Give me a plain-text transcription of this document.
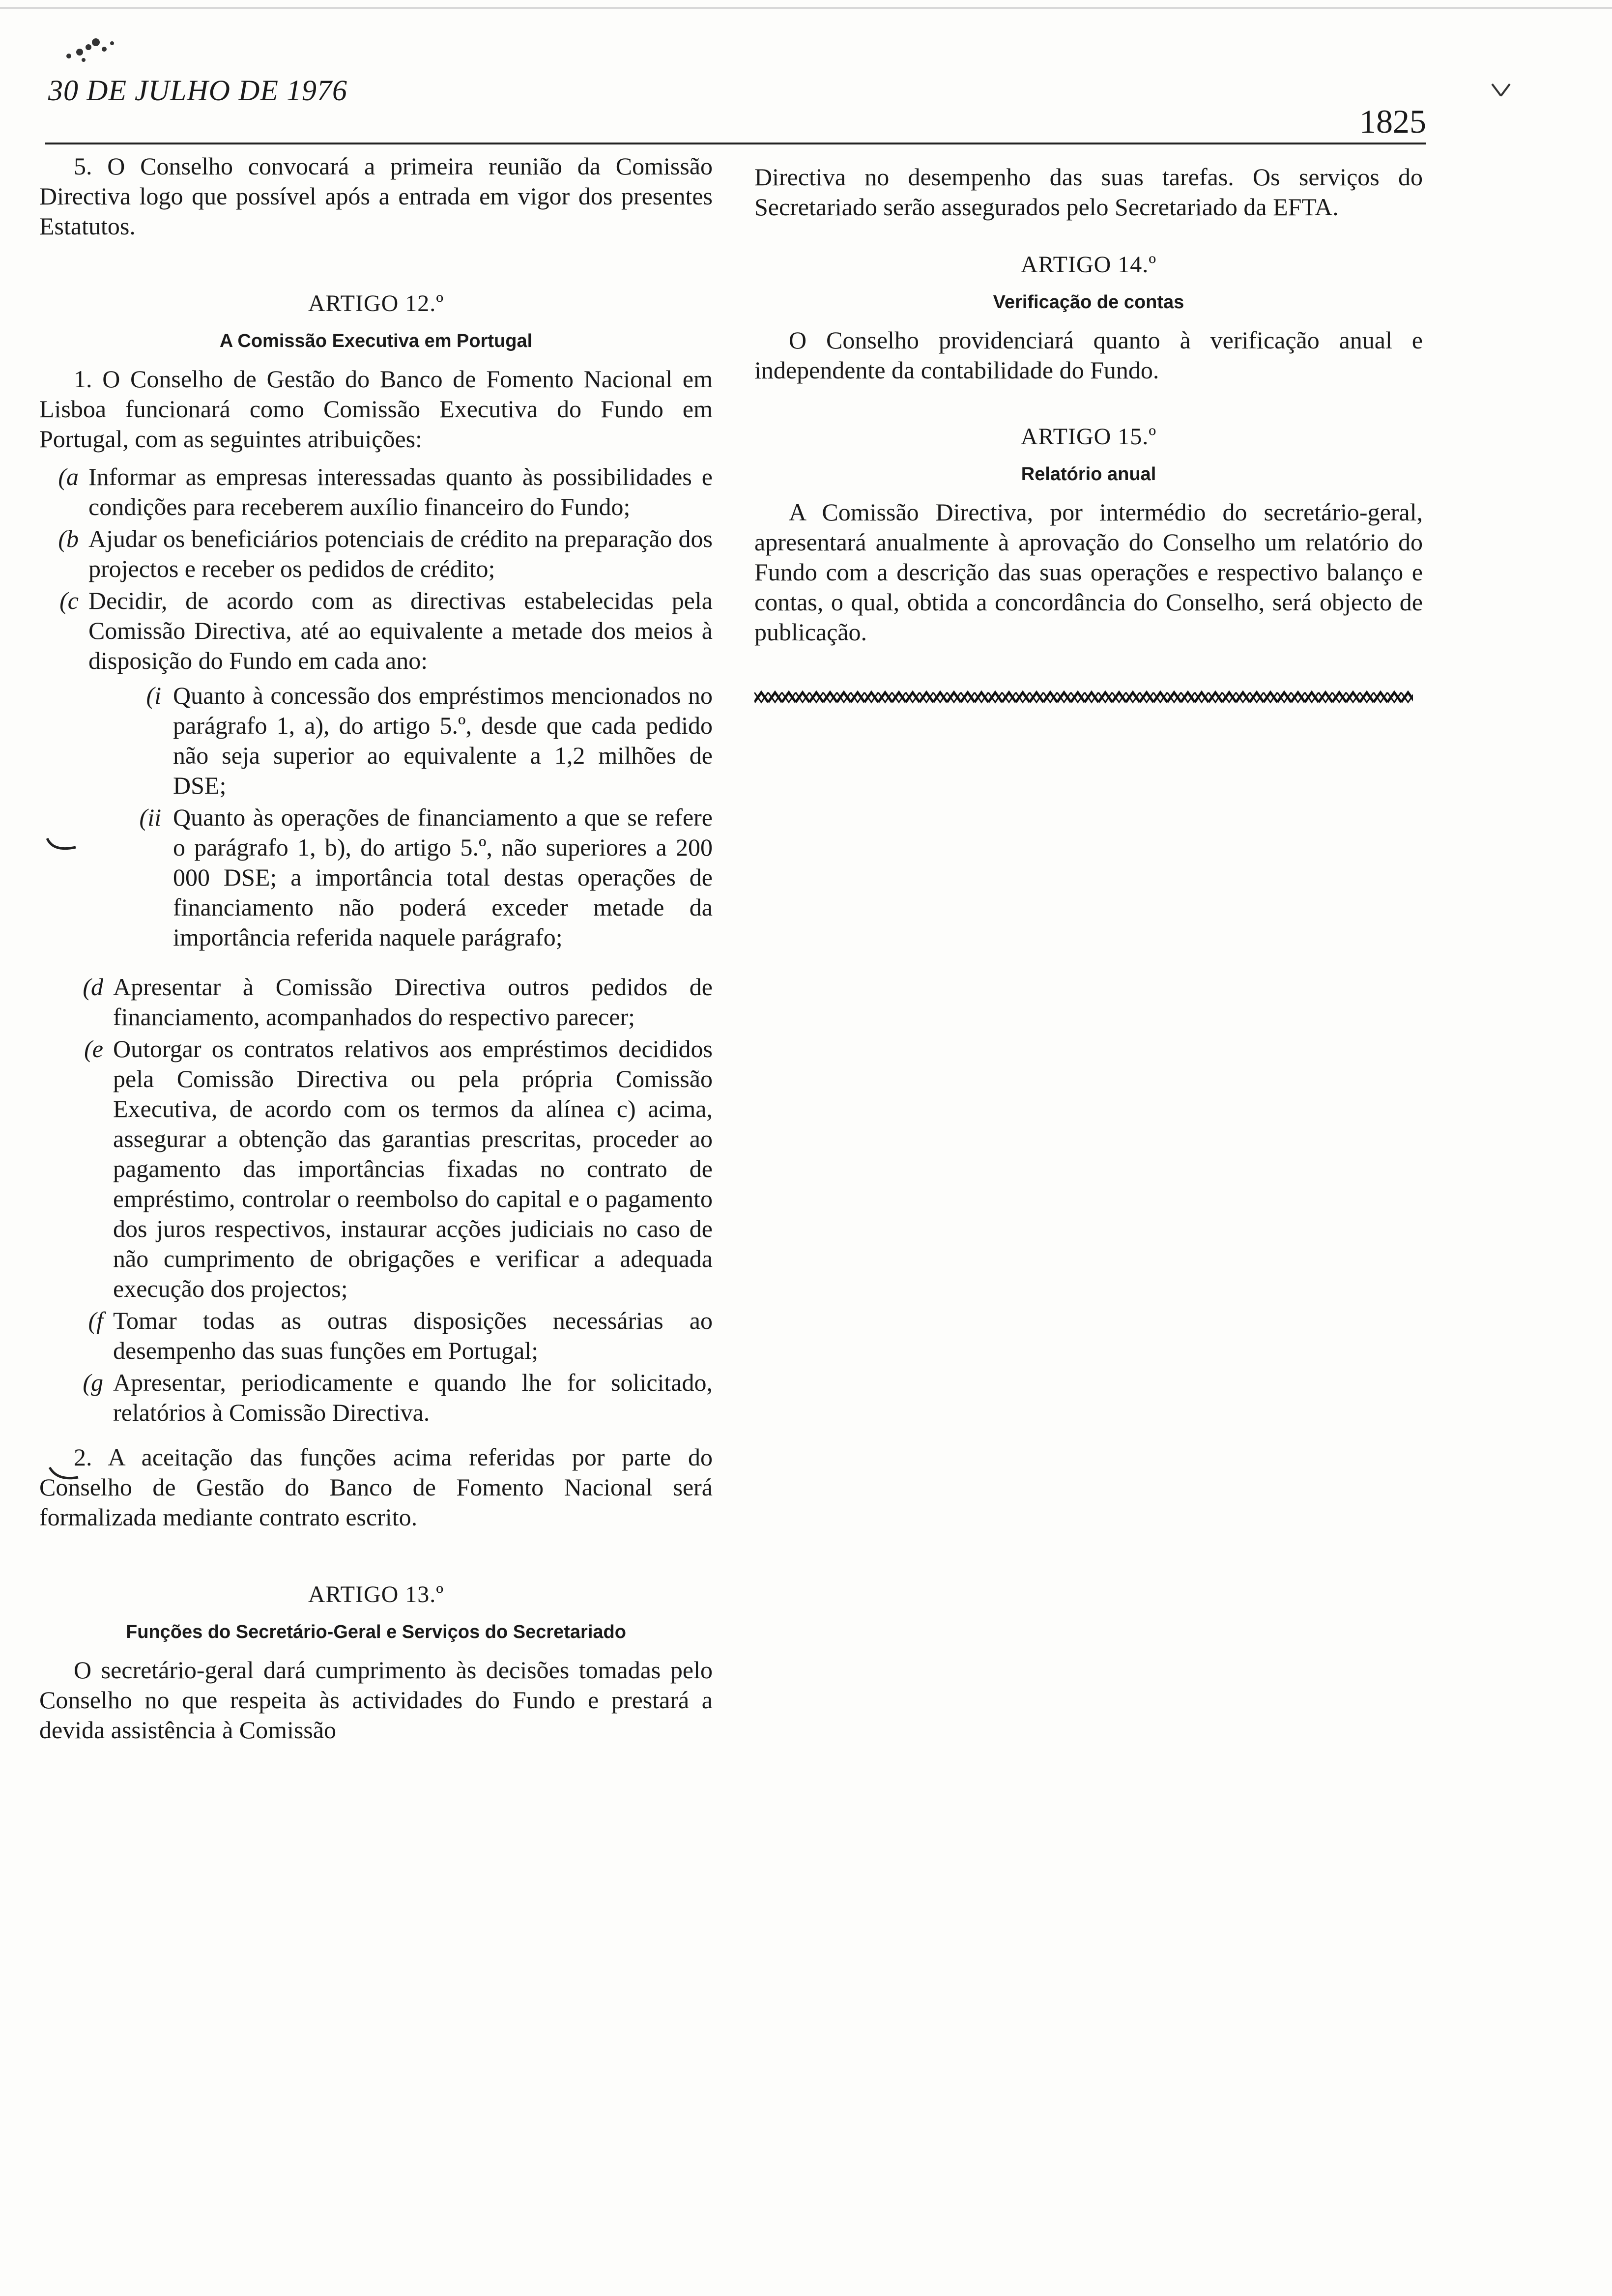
30 DE JULHO DE 1976
1825

5. O Conselho convocará a primeira reunião da Comissão Directiva logo que possível após a entrada em vigor dos presentes Estatutos.

ARTIGO 12.º

A Comissão Executiva em Portugal

1. O Conselho de Gestão do Banco de Fomento Nacional em Lisboa funcionará como Comissão Executiva do Fundo em Portugal, com as seguintes atribuições:

a) Informar as empresas interessadas quanto às possibilidades e condições para receberem auxílio financeiro do Fundo;
b) Ajudar os beneficiários potenciais de crédito na preparação dos projectos e receber os pedidos de crédito;
c) Decidir, de acordo com as directivas estabelecidas pela Comissão Directiva, até ao equivalente a metade dos meios à disposição do Fundo em cada ano:
i) Quanto à concessão dos empréstimos mencionados no parágrafo 1, a), do artigo 5.º, desde que cada pedido não seja superior ao equivalente a 1,2 milhões de DSE;
ii) Quanto às operações de financiamento a que se refere o parágrafo 1, b), do artigo 5.º, não superiores a 200 000 DSE; a importância total destas operações de financiamento não poderá exceder metade da importância referida naquele parágrafo;
d) Apresentar à Comissão Directiva outros pedidos de financiamento, acompanhados do respectivo parecer;
e) Outorgar os contratos relativos aos empréstimos decididos pela Comissão Directiva ou pela própria Comissão Executiva, de acordo com os termos da alínea c) acima, assegurar a obtenção das garantias prescritas, proceder ao pagamento das importâncias fixadas no contrato de empréstimo, controlar o reembolso do capital e o pagamento dos juros respectivos, instaurar acções judiciais no caso de não cumprimento de obrigações e verificar a adequada execução dos projectos;
f) Tomar todas as outras disposições necessárias ao desempenho das suas funções em Portugal;
g) Apresentar, periodicamente e quando lhe for solicitado, relatórios à Comissão Directiva.

2. A aceitação das funções acima referidas por parte do Conselho de Gestão do Banco de Fomento Nacional será formalizada mediante contrato escrito.

ARTIGO 13.º

Funções do Secretário-Geral e Serviços do Secretariado

O secretário-geral dará cumprimento às decisões tomadas pelo Conselho no que respeita às actividades do Fundo e prestará a devida assistência à Comissão

Directiva no desempenho das suas tarefas. Os serviços do Secretariado serão assegurados pelo Secretariado da EFTA.

ARTIGO 14.º

Verificação de contas

O Conselho providenciará quanto à verificação anual e independente da contabilidade do Fundo.

ARTIGO 15.º

Relatório anual

A Comissão Directiva, por intermédio do secretário-geral, apresentará anualmente à aprovação do Conselho um relatório do Fundo com a descrição das suas operações e respectivo balanço e contas, o qual, obtida a concordância do Conselho, será objecto de publicação.
